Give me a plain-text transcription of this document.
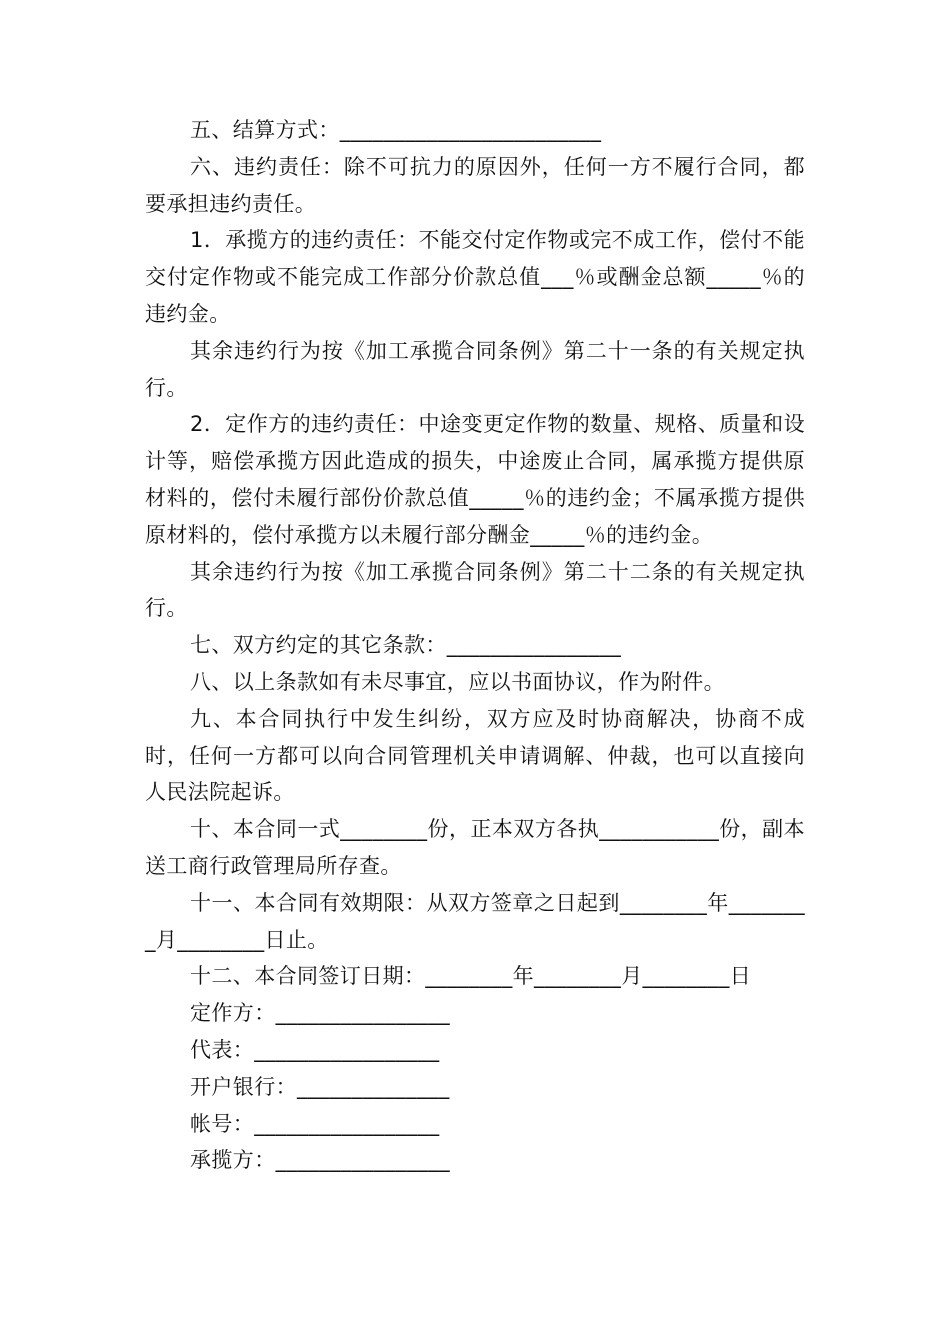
五、结算方式：________________________

六、违约责任：除不可抗力的原因外，任何一方不履行合同，都要承担违约责任。

1．承揽方的违约责任：不能交付定作物或完不成工作，偿付不能交付定作物或不能完成工作部分价款总值___％或酬金总额_____％的违约金。

其余违约行为按《加工承揽合同条例》第二十一条的有关规定执行。

2．定作方的违约责任：中途变更定作物的数量、规格、质量和设计等，赔偿承揽方因此造成的损失，中途废止合同，属承揽方提供原材料的，偿付未履行部份价款总值_____％的违约金；不属承揽方提供原材料的，偿付承揽方以未履行部分酬金_____％的违约金。

其余违约行为按《加工承揽合同条例》第二十二条的有关规定执行。

七、双方约定的其它条款：________________

八、以上条款如有未尽事宜，应以书面协议，作为附件。

九、本合同执行中发生纠纷，双方应及时协商解决，协商不成时，任何一方都可以向合同管理机关申请调解、仲裁，也可以直接向人民法院起诉。

十、本合同一式________份，正本双方各执___________份，副本送工商行政管理局所存查。

十一、本合同有效期限：从双方签章之日起到________年________月________日止。

十二、本合同签订日期：________年________月________日

定作方：________________

代表：_________________

开户银行：______________

帐号：_________________

承揽方：________________
